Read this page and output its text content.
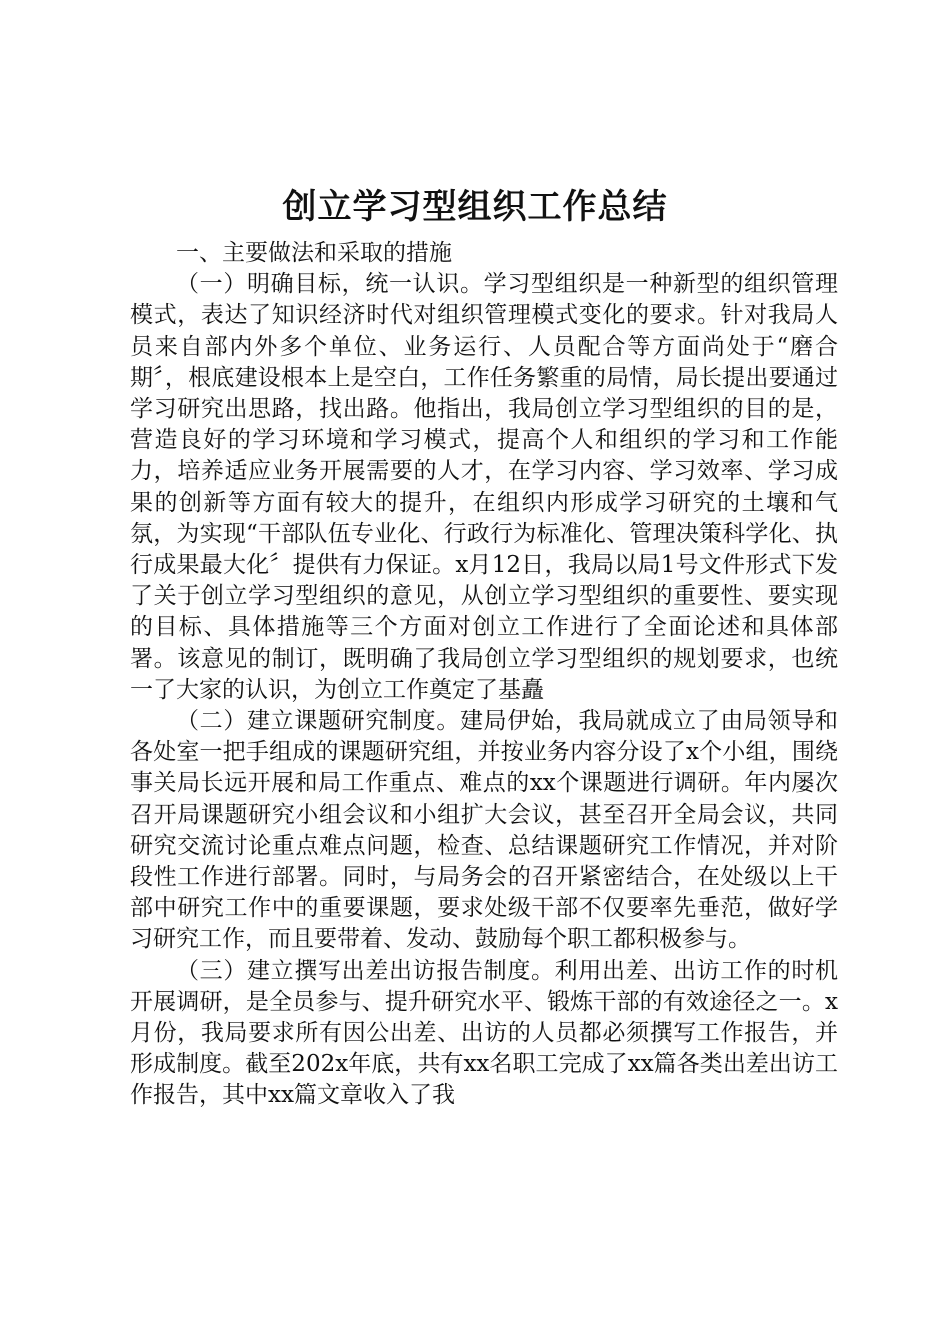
创立学习型组织工作总结

一、主要做法和采取的措施

（一）明确目标，统一认识。学习型组织是一种新型的组织管理模式，表达了知识经济时代对组织管理模式变化的要求。针对我局人员来自部内外多个单位、业务运行、人员配合等方面尚处于“磨合期〞，根底建设根本上是空白，工作任务繁重的局情，局长提出要通过学习研究出思路，找出路。他指出，我局创立学习型组织的目的是，营造良好的学习环境和学习模式，提高个人和组织的学习和工作能力，培养适应业务开展需要的人才，在学习内容、学习效率、学习成果的创新等方面有较大的提升，在组织内形成学习研究的土壤和气氛，为实现“干部队伍专业化、行政行为标准化、管理决策科学化、执行成果最大化〞提供有力保证。x月12日，我局以局1号文件形式下发了关于创立学习型组织的意见，从创立学习型组织的重要性、要实现的目标、具体措施等三个方面对创立工作进行了全面论述和具体部署。该意见的制订，既明确了我局创立学习型组织的规划要求，也统一了大家的认识，为创立工作奠定了基矗

（二）建立课题研究制度。建局伊始，我局就成立了由局领导和各处室一把手组成的课题研究组，并按业务内容分设了x个小组，围绕事关局长远开展和局工作重点、难点的xx个课题进行调研。年内屡次召开局课题研究小组会议和小组扩大会议，甚至召开全局会议，共同研究交流讨论重点难点问题，检查、总结课题研究工作情况，并对阶段性工作进行部署。同时，与局务会的召开紧密结合，在处级以上干部中研究工作中的重要课题，要求处级干部不仅要率先垂范，做好学习研究工作，而且要带着、发动、鼓励每个职工都积极参与。

（三）建立撰写出差出访报告制度。利用出差、出访工作的时机开展调研，是全员参与、提升研究水平、锻炼干部的有效途径之一。x月份，我局要求所有因公出差、出访的人员都必须撰写工作报告，并形成制度。截至202x年底，共有xx名职工完成了xx篇各类出差出访工作报告，其中xx篇文章收入了我
